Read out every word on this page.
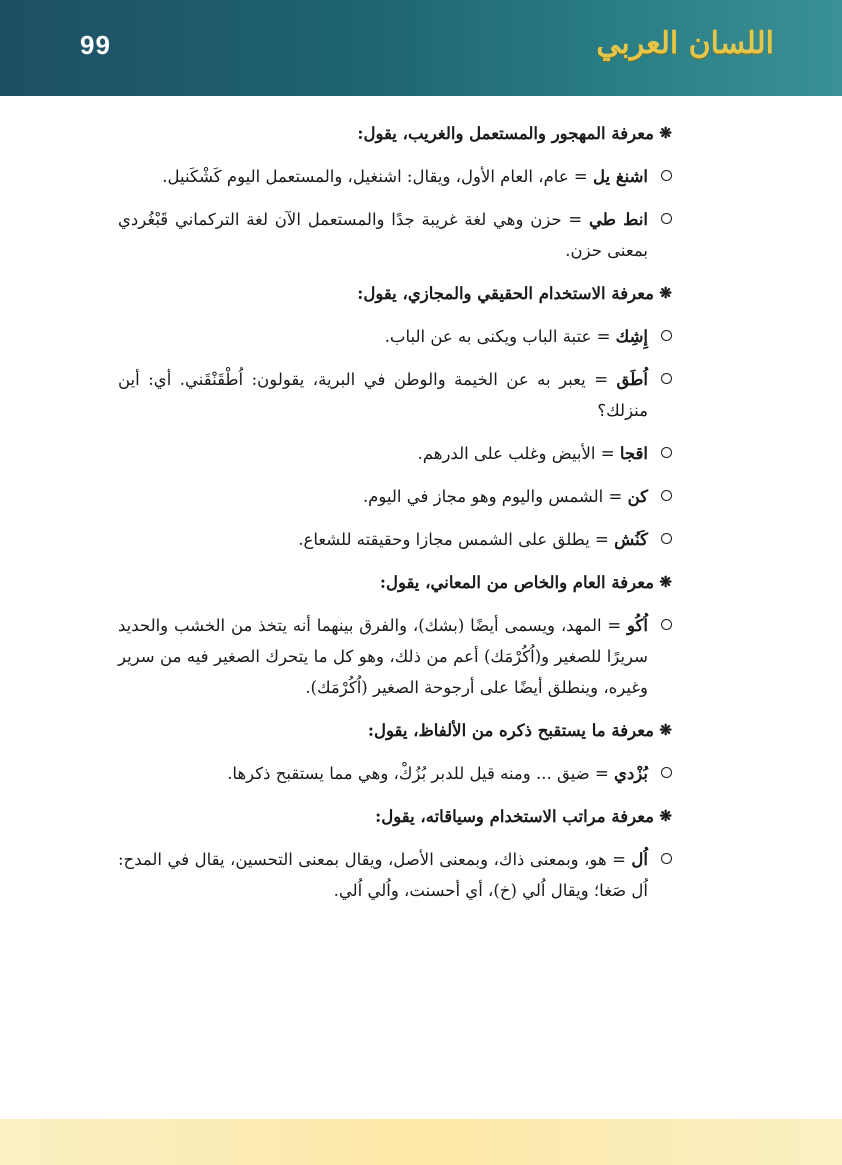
99	اللسان العربي
❋
معرفة المهجور والمستعمل والغريب، يقول:
اشنغ يل = عام، العام الأول، ويقال: اشنغيل، والمستعمل اليوم كَشْكَنيل.
انط طي = حزن وهي لغة غريبة جدًا والمستعمل الآن لغة التركماني قَبْغُردي بمعنى حزن.
❋
معرفة الاستخدام الحقيقي والمجازي، يقول:
إِشِك = عتبة الباب ويكنى به عن الباب.
اُطَق = يعبر به عن الخيمة والوطن في البرية، يقولون: اُطْقَنْقَني. أي: أين منزلك؟
اقجا = الأبيض وغلب على الدرهم.
كن = الشمس واليوم وهو مجاز في اليوم.
كَنُش = يطلق على الشمس مجازا وحقيقته للشعاع.
❋
معرفة العام والخاص من المعاني، يقول:
اُكُو = المهد، ويسمى أيضًا (بشك)، والفرق بينهما أنه يتخذ من الخشب والحديد سريرًا للصغير و(اُكُرْمَك) أعم من ذلك، وهو كل ما يتحرك الصغير فيه من سرير وغيره، وينطلق أيضًا على أرجوحة الصغير (اُكُرْمَك).
❋
معرفة ما يستقبح ذكره من الألفاظ، يقول:
بُزْدي = ضيق ... ومنه قيل للدبر بُزُكْ، وهي مما يستقبح ذكرها.
❋
معرفة مراتب الاستخدام وسياقاته، يقول:
اُل = هو، وبمعنى ذاك، وبمعنى الأصل، ويقال بمعنى التحسين، يقال في المدح: اُل صَغا؛ ويقال اُلي (خ)، أي أحسنت، واُلي اُلي.
